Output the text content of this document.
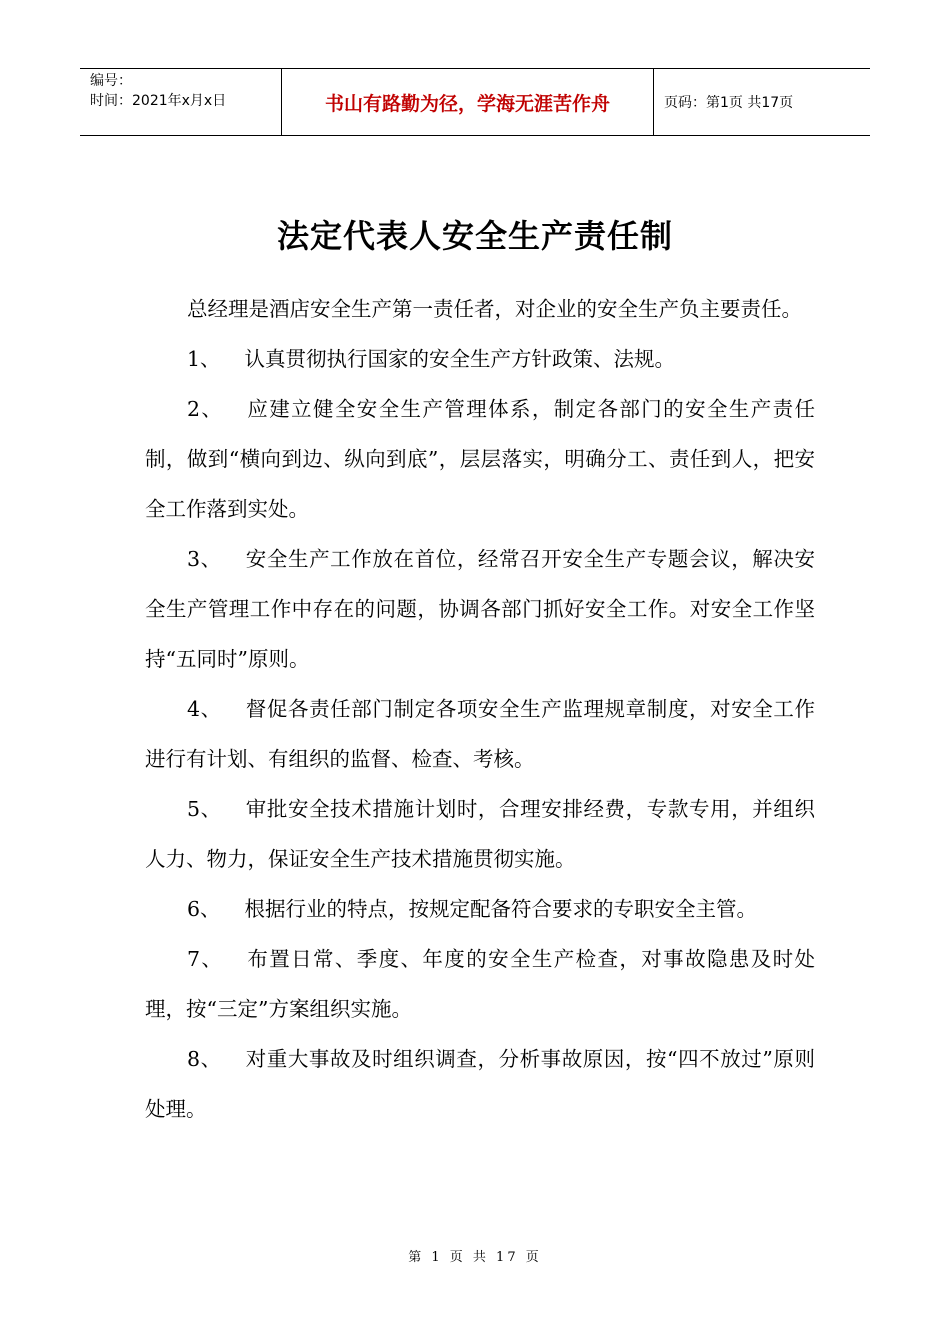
编号：
时间：2021年x月x日	书山有路勤为径，学海无涯苦作舟	页码：第1页 共17页
法定代表人安全生产责任制

总经理是酒店安全生产第一责任者，对企业的安全生产负主要责任。

1、 认真贯彻执行国家的安全生产方针政策、法规。

2、 应建立健全安全生产管理体系，制定各部门的安全生产责任制，做到“横向到边、纵向到底”，层层落实，明确分工、责任到人，把安全工作落到实处。

3、 安全生产工作放在首位，经常召开安全生产专题会议，解决安全生产管理工作中存在的问题，协调各部门抓好安全工作。对安全工作坚持“五同时”原则。

4、 督促各责任部门制定各项安全生产监理规章制度，对安全工作进行有计划、有组织的监督、检查、考核。

5、 审批安全技术措施计划时，合理安排经费，专款专用，并组织人力、物力，保证安全生产技术措施贯彻实施。

6、 根据行业的特点，按规定配备符合要求的专职安全主管。

7、 布置日常、季度、年度的安全生产检查，对事故隐患及时处理，按“三定”方案组织实施。

8、 对重大事故及时组织调查，分析事故原因，按“四不放过”原则处理。

第 1 页 共 17 页
